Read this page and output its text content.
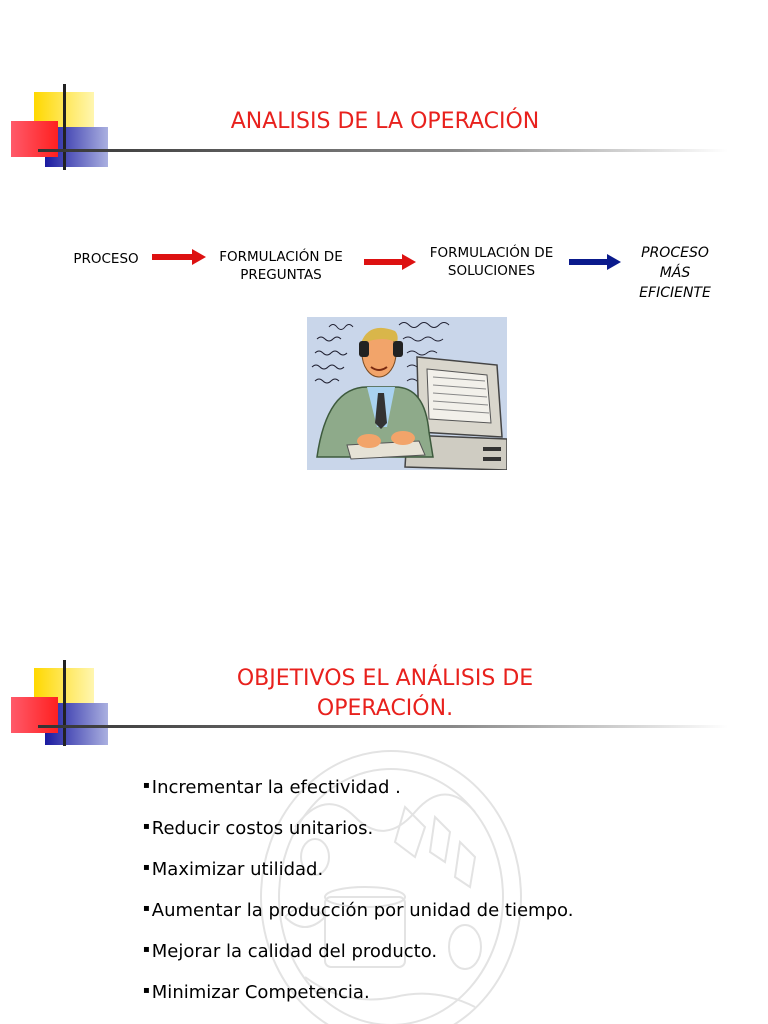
ANALISIS DE LA OPERACIÓN
PROCESO	FORMULACIÓN DE
PREGUNTAS
FORMULACIÓN DE
SOLUCIONES
PROCESO
MÁS
EFICIENTE
OBJETIVOS EL ANÁLISIS DE
OPERACIÓN.
▪ Incrementar la efectividad .
▪ Reducir costos unitarios.
▪ Maximizar utilidad.
▪ Aumentar la producción por unidad de tiempo.
▪ Mejorar la calidad del producto.
▪ Minimizar Competencia.
